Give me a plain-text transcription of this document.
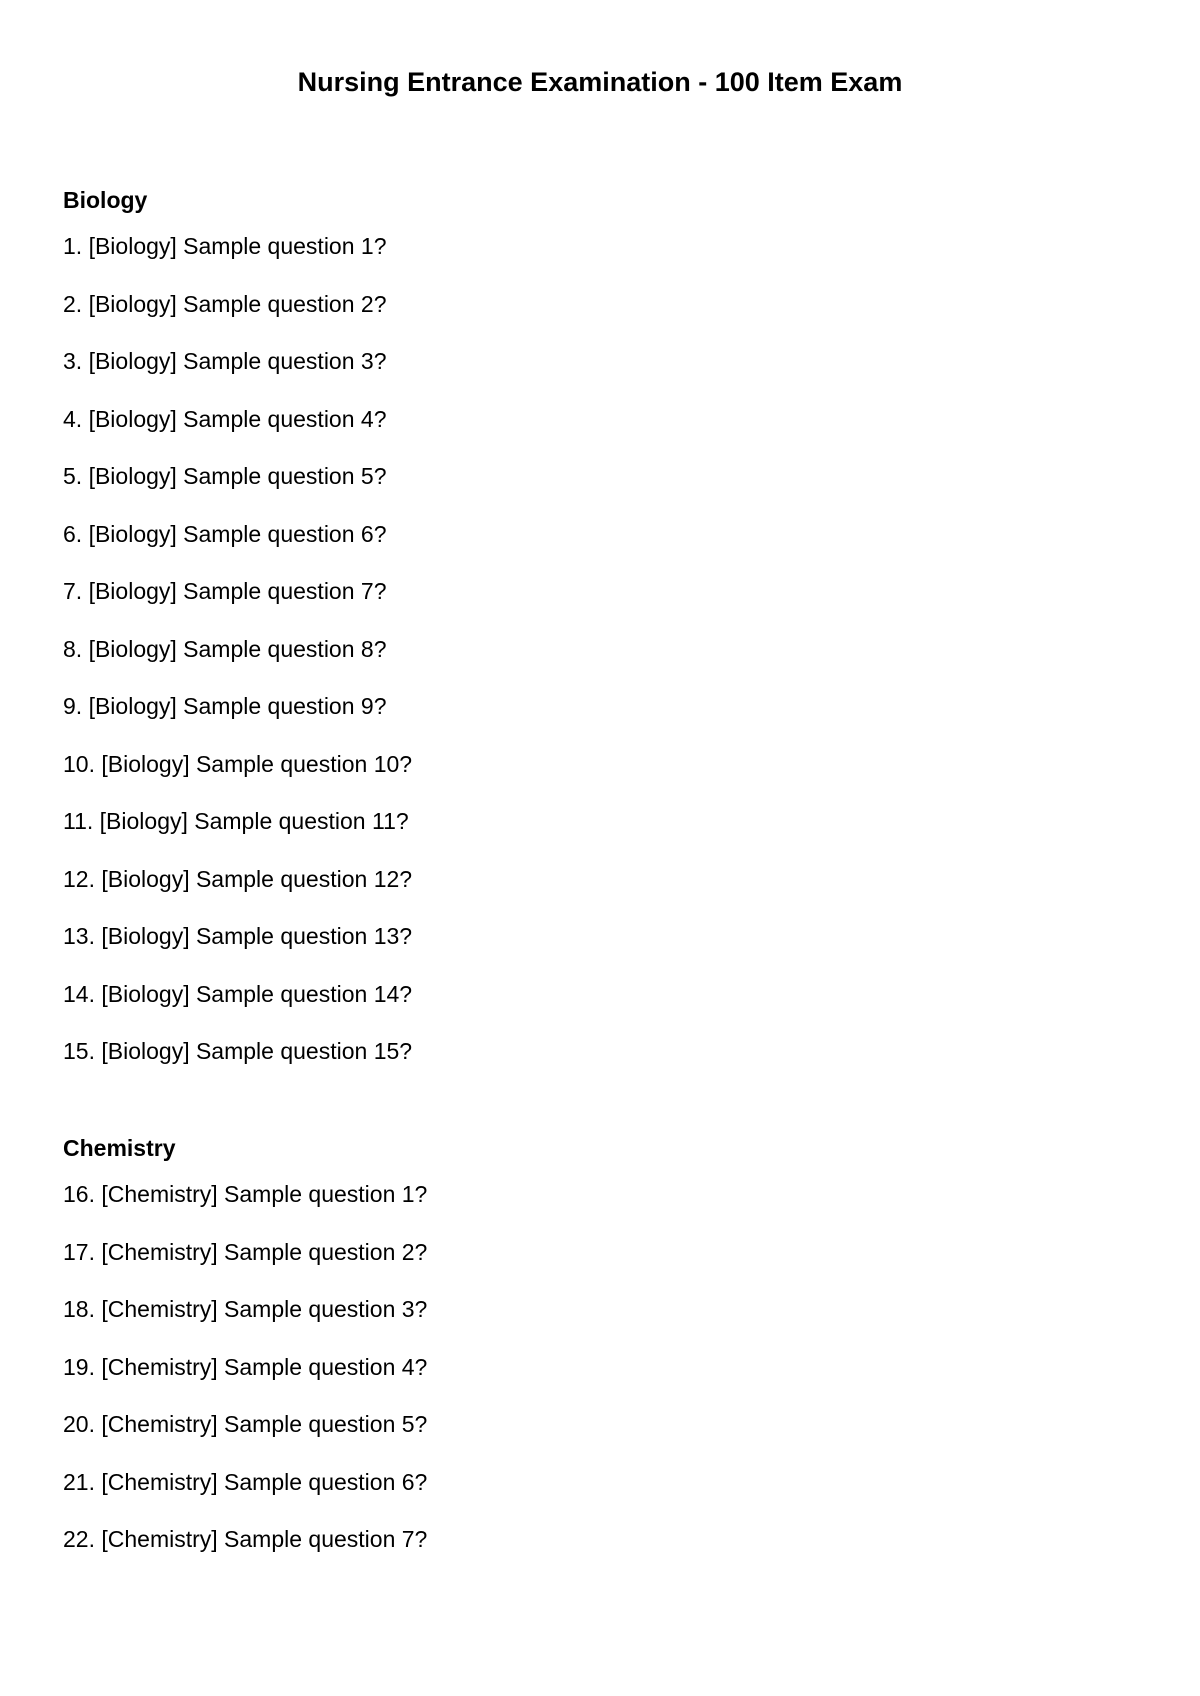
Nursing Entrance Examination - 100 Item Exam
Biology
1. [Biology] Sample question 1?
2. [Biology] Sample question 2?
3. [Biology] Sample question 3?
4. [Biology] Sample question 4?
5. [Biology] Sample question 5?
6. [Biology] Sample question 6?
7. [Biology] Sample question 7?
8. [Biology] Sample question 8?
9. [Biology] Sample question 9?
10. [Biology] Sample question 10?
11. [Biology] Sample question 11?
12. [Biology] Sample question 12?
13. [Biology] Sample question 13?
14. [Biology] Sample question 14?
15. [Biology] Sample question 15?
Chemistry
16. [Chemistry] Sample question 1?
17. [Chemistry] Sample question 2?
18. [Chemistry] Sample question 3?
19. [Chemistry] Sample question 4?
20. [Chemistry] Sample question 5?
21. [Chemistry] Sample question 6?
22. [Chemistry] Sample question 7?
